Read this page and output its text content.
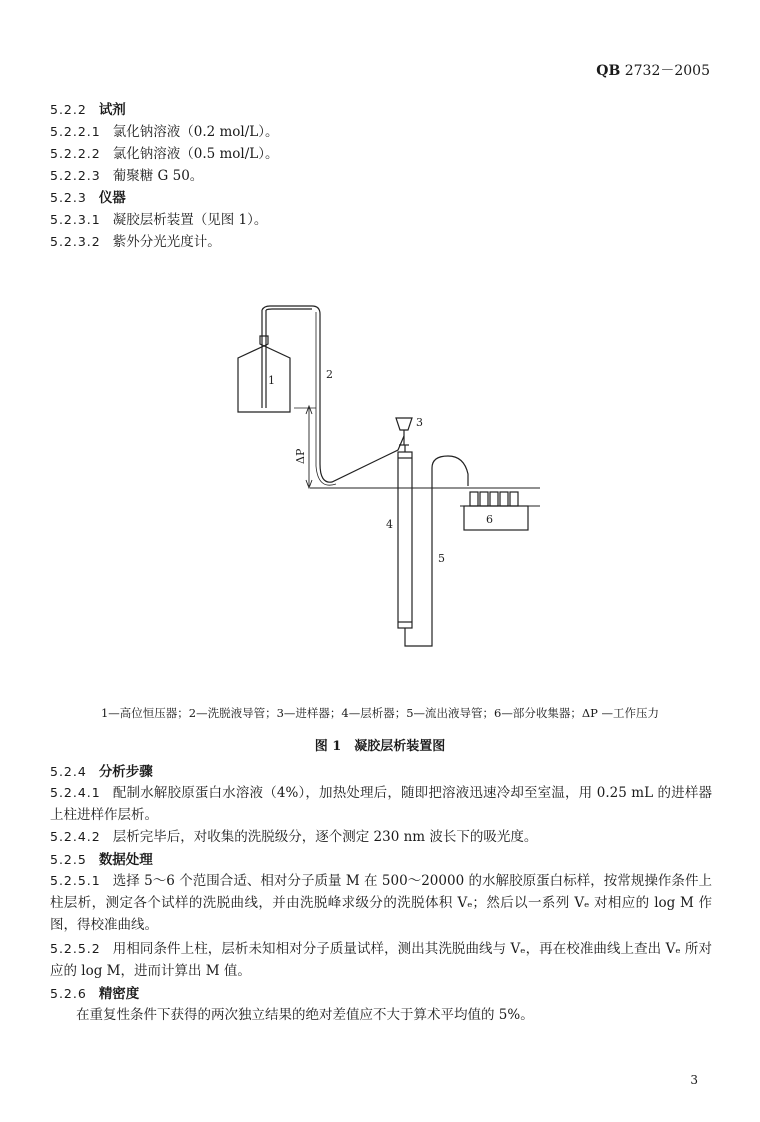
QB 2732－2005
5.2.2 试剂
5.2.2.1 氯化钠溶液（0.2 mol/L）。
5.2.2.2 氯化钠溶液（0.5 mol/L）。
5.2.2.3 葡聚糖 G 50。
5.2.3 仪器
5.2.3.1 凝胶层析装置（见图 1）。
5.2.3.2 紫外分光光度计。
1	2
3
4
5
6
ΔP
1—高位恒压器；2—洗脱液导管；3—进样器；4—层析器；5—流出液导管；6—部分收集器；ΔP —工作压力
图 1　凝胶层析装置图
5.2.4 分析步骤
5.2.4.1 配制水解胶原蛋白水溶液（4%），加热处理后，随即把溶液迅速冷却至室温，用 0.25 mL 的进样器上柱进样作层析。
5.2.4.2 层析完毕后，对收集的洗脱级分，逐个测定 230 nm 波长下的吸光度。
5.2.5 数据处理
5.2.5.1 选择 5～6 个范围合适、相对分子质量 M 在 500～20000 的水解胶原蛋白标样，按常规操作条件上柱层析，测定各个试样的洗脱曲线，并由洗脱峰求级分的洗脱体积 Vₑ；然后以一系列 Vₑ 对相应的 log M 作图，得校准曲线。
5.2.5.2 用相同条件上柱，层析未知相对分子质量试样，测出其洗脱曲线与 Vₑ，再在校准曲线上查出 Vₑ 所对应的 log M，进而计算出 M 值。
5.2.6 精密度
在重复性条件下获得的两次独立结果的绝对差值应不大于算术平均值的 5%。
3
